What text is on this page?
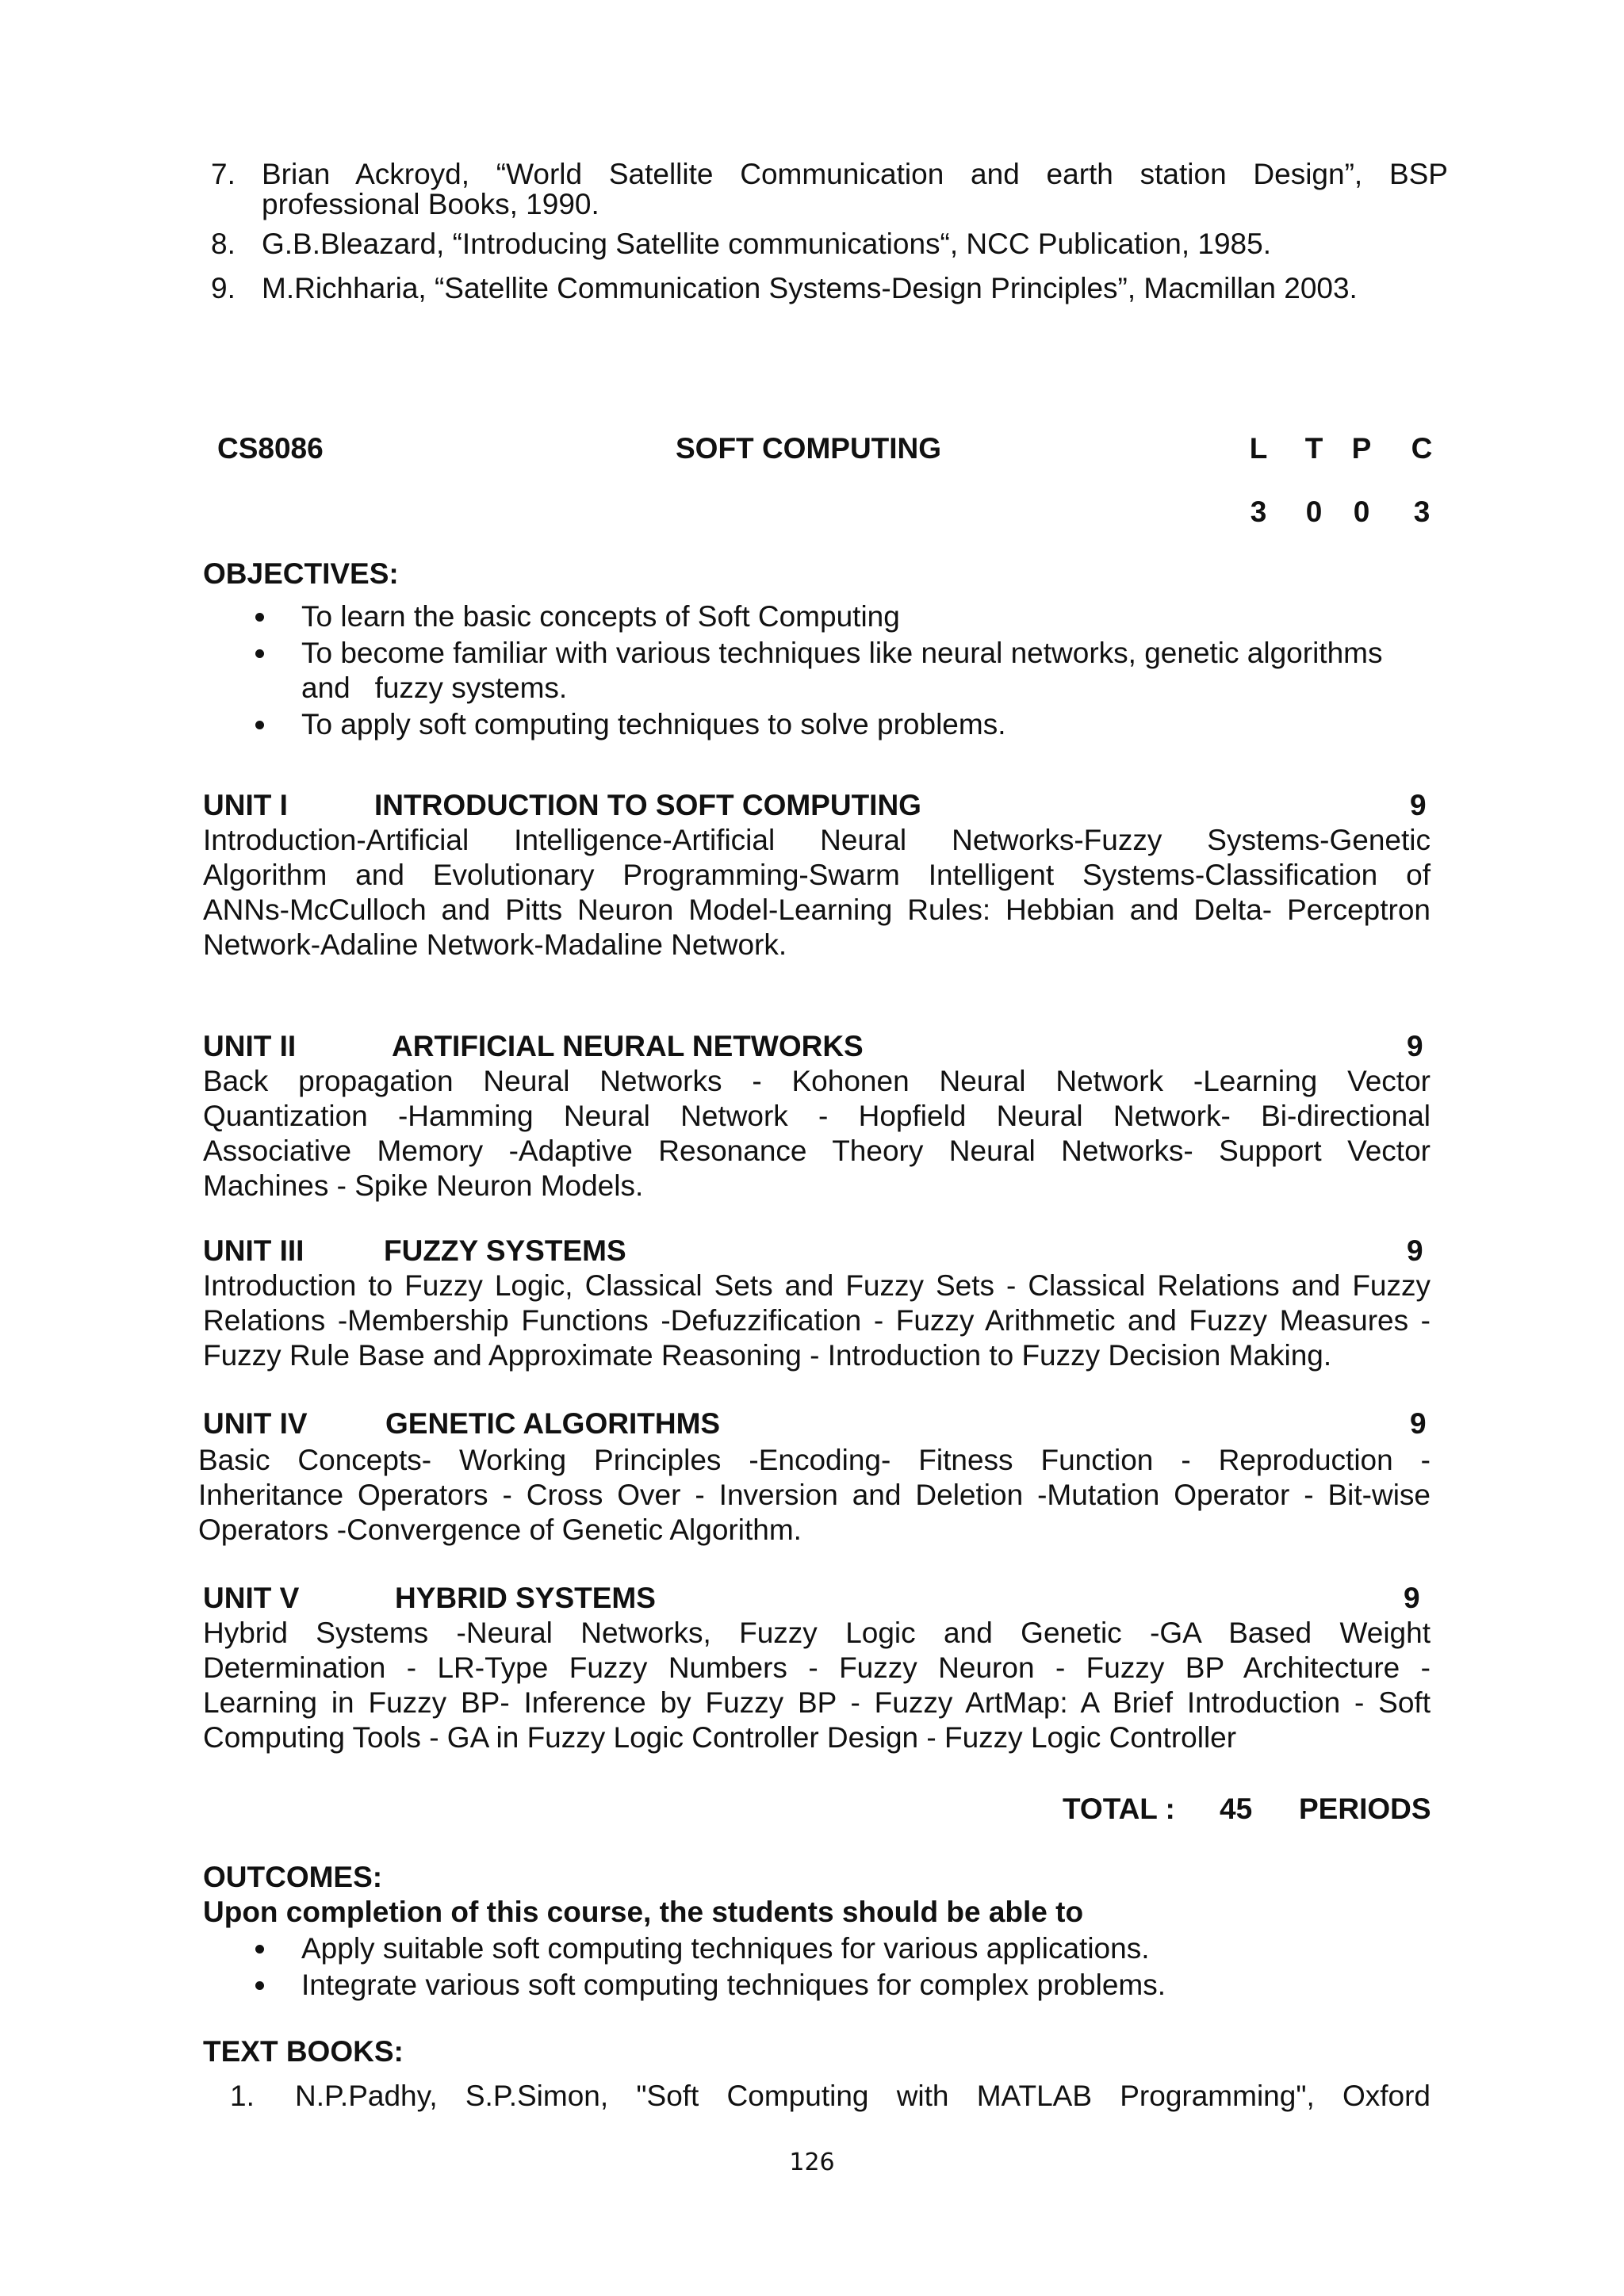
7. Brian Ackroyd, “World Satellite Communication and earth station Design”, BSP
professional Books, 1990.
8. G.B.Bleazard, “Introducing Satellite communications“, NCC Publication, 1985.
9. M.Richharia, “Satellite Communication Systems-Design Principles”, Macmillan 2003.
CS8086	SOFT COMPUTING	L T P C
3 0 0 3
OBJECTIVES:
To learn the basic concepts of Soft Computing
To become familiar with various techniques like neural networks, genetic algorithms
and   fuzzy systems.
To apply soft computing techniques to solve problems.
UNIT I	INTRODUCTION TO SOFT COMPUTING	9
Introduction-Artificial Intelligence-Artificial Neural Networks-Fuzzy Systems-Genetic
Algorithm and Evolutionary Programming-Swarm Intelligent Systems-Classification of
ANNs-McCulloch and Pitts Neuron Model-Learning Rules: Hebbian and Delta- Perceptron
Network-Adaline Network-Madaline Network.
UNIT II	ARTIFICIAL NEURAL NETWORKS	9
Back propagation Neural Networks - Kohonen Neural Network -Learning Vector
Quantization -Hamming Neural Network - Hopfield Neural Network- Bi-directional
Associative Memory -Adaptive Resonance Theory Neural Networks- Support Vector
Machines - Spike Neuron Models.
UNIT III	FUZZY SYSTEMS	9
Introduction to Fuzzy Logic, Classical Sets and Fuzzy Sets - Classical Relations and Fuzzy
Relations -Membership Functions -Defuzzification - Fuzzy Arithmetic and Fuzzy Measures -
Fuzzy Rule Base and Approximate Reasoning - Introduction to Fuzzy Decision Making.
UNIT IV	GENETIC ALGORITHMS	9
Basic Concepts- Working Principles -Encoding- Fitness Function - Reproduction -
Inheritance Operators - Cross Over - Inversion and Deletion -Mutation Operator - Bit-wise
Operators -Convergence of Genetic Algorithm.
UNIT V	HYBRID SYSTEMS	9
Hybrid Systems -Neural Networks, Fuzzy Logic and Genetic -GA Based Weight
Determination - LR-Type Fuzzy Numbers - Fuzzy Neuron - Fuzzy BP Architecture -
Learning in Fuzzy BP- Inference by Fuzzy BP - Fuzzy ArtMap: A Brief Introduction - Soft
Computing Tools - GA in Fuzzy Logic Controller Design - Fuzzy Logic Controller
TOTAL : 45 PERIODS
OUTCOMES:
Upon completion of this course, the students should be able to
Apply suitable soft computing techniques for various applications.
Integrate various soft computing techniques for complex problems.
TEXT BOOKS:
1. N.P.Padhy, S.P.Simon, "Soft Computing with MATLAB Programming", Oxford
126
